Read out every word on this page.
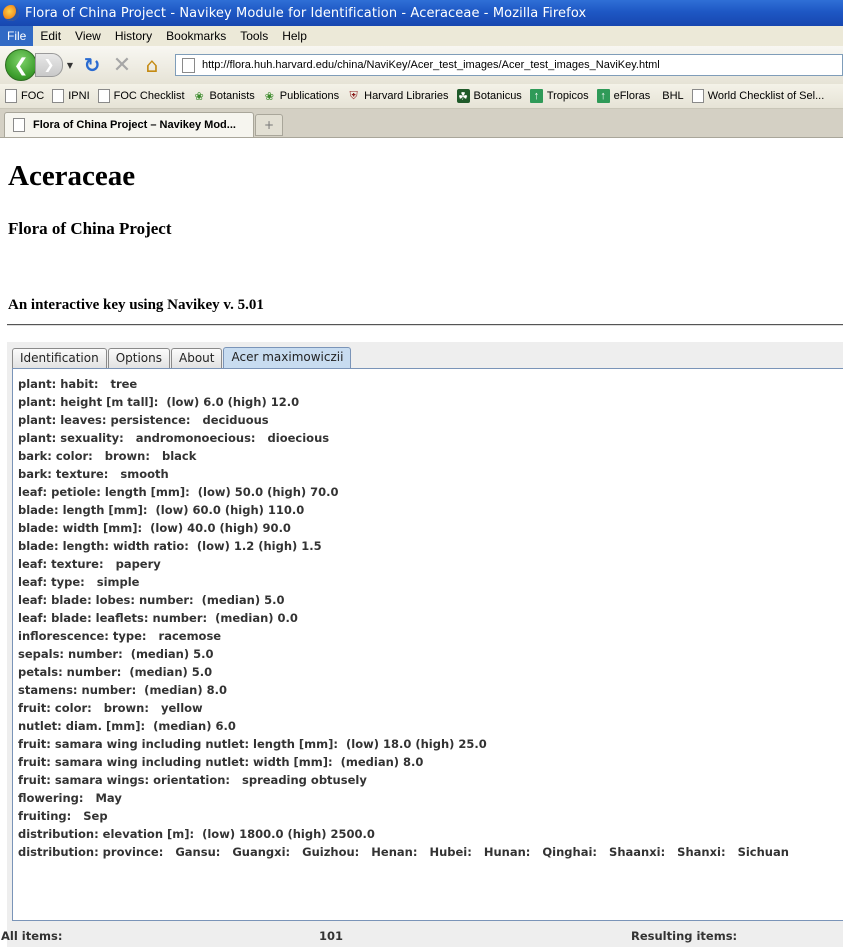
Flora of China Project - Navikey Module for Identification - Aceraceae - Mozilla Firefox
File	Edit	View	History	Bookmarks	Tools	Help
❮ ❯	▼ ↻ ✕ ⌂
http://flora.huh.harvard.edu/china/NaviKey/Acer_test_images/Acer_test_images_NaviKey.html
FOC IPNI FOC Checklist ❀ Botanists ❀ Publications ⛨ Harvard Libraries ☘ Botanicus	↑ Tropicos	↑ eFloras BHL World Checklist of Sel...
Flora of China Project – Navikey Mod...	+
Aceraceae
Flora of China Project
An interactive key using Navikey v. 5.01
Identification	Options	About	Acer maximowiczii
plant: habit:   tree
plant: height [m tall]:  (low) 6.0 (high) 12.0
plant: leaves: persistence:   deciduous
plant: sexuality:   andromonoecious:   dioecious
bark: color:   brown:   black
bark: texture:   smooth
leaf: petiole: length [mm]:  (low) 50.0 (high) 70.0
blade: length [mm]:  (low) 60.0 (high) 110.0
blade: width [mm]:  (low) 40.0 (high) 90.0
blade: length: width ratio:  (low) 1.2 (high) 1.5
leaf: texture:   papery
leaf: type:   simple
leaf: blade: lobes: number:  (median) 5.0
leaf: blade: leaflets: number:  (median) 0.0
inflorescence: type:   racemose
sepals: number:  (median) 5.0
petals: number:  (median) 5.0
stamens: number:  (median) 8.0
fruit: color:   brown:   yellow
nutlet: diam. [mm]:  (median) 6.0
fruit: samara wing including nutlet: length [mm]:  (low) 18.0 (high) 25.0
fruit: samara wing including nutlet: width [mm]:  (median) 8.0
fruit: samara wings: orientation:   spreading obtusely
flowering:   May
fruiting:   Sep
distribution: elevation [m]:  (low) 1800.0 (high) 2500.0
distribution: province:   Gansu:   Guangxi:   Guizhou:   Henan:   Hubei:   Hunan:   Qinghai:   Shaanxi:   Shanxi:   Sichuan
All items:	101	Resulting items:
